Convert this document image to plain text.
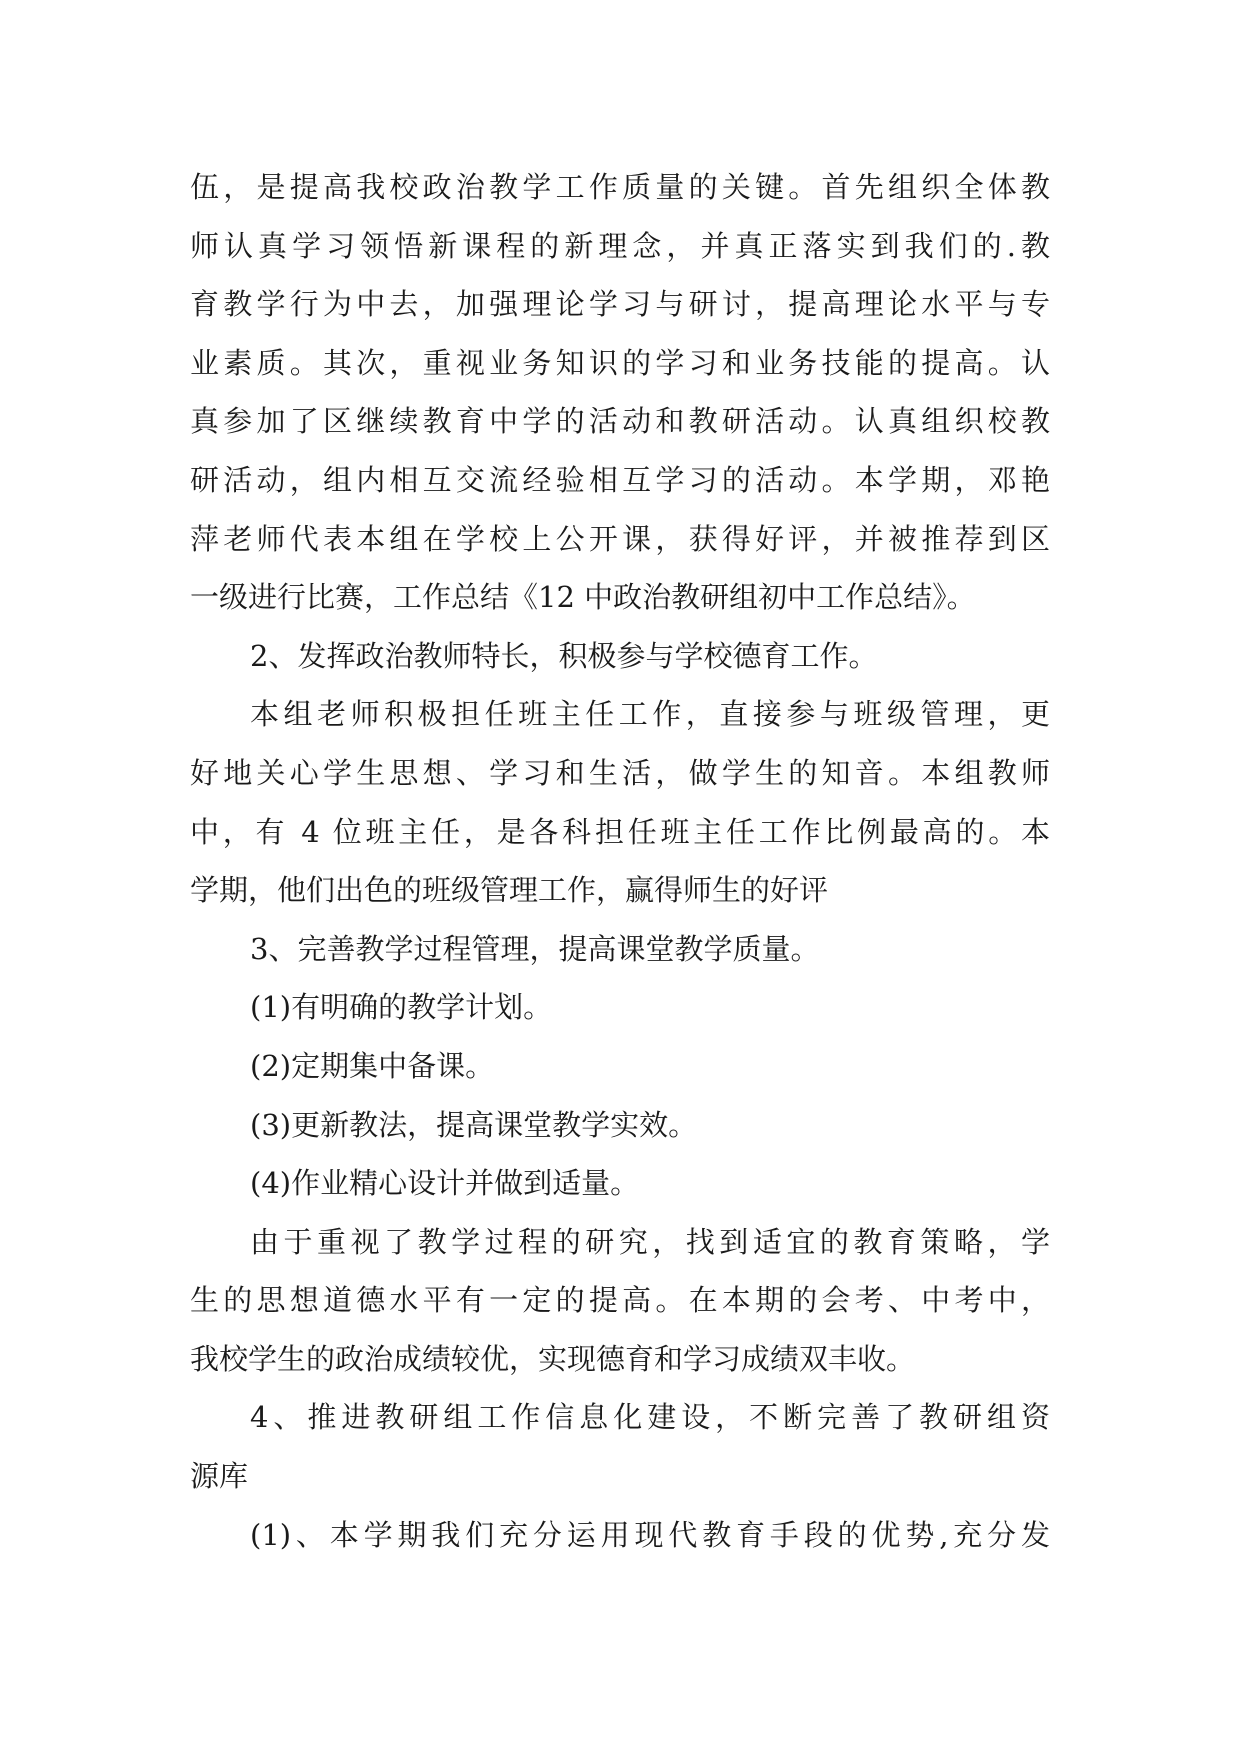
伍，是提高我校政治教学工作质量的关键。首先组织全体教
师认真学习领悟新课程的新理念，并真正落实到我们的.教
育教学行为中去，加强理论学习与研讨，提高理论水平与专
业素质。其次，重视业务知识的学习和业务技能的提高。认
真参加了区继续教育中学的活动和教研活动。认真组织校教
研活动，组内相互交流经验相互学习的活动。本学期，邓艳
萍老师代表本组在学校上公开课，获得好评，并被推荐到区
一级进行比赛，工作总结《12 中政治教研组初中工作总结》。
2、发挥政治教师特长，积极参与学校德育工作。
本组老师积极担任班主任工作，直接参与班级管理，更
好地关心学生思想、学习和生活，做学生的知音。本组教师
中，有 4 位班主任，是各科担任班主任工作比例最高的。本
学期，他们出色的班级管理工作，赢得师生的好评
3、完善教学过程管理，提高课堂教学质量。
(1)有明确的教学计划。
(2)定期集中备课。
(3)更新教法，提高课堂教学实效。
(4)作业精心设计并做到适量。
由于重视了教学过程的研究，找到适宜的教育策略，学
生的思想道德水平有一定的提高。在本期的会考、中考中，
我校学生的政治成绩较优，实现德育和学习成绩双丰收。
4、推进教研组工作信息化建设，不断完善了教研组资
源库
(1)、本学期我们充分运用现代教育手段的优势,充分发
